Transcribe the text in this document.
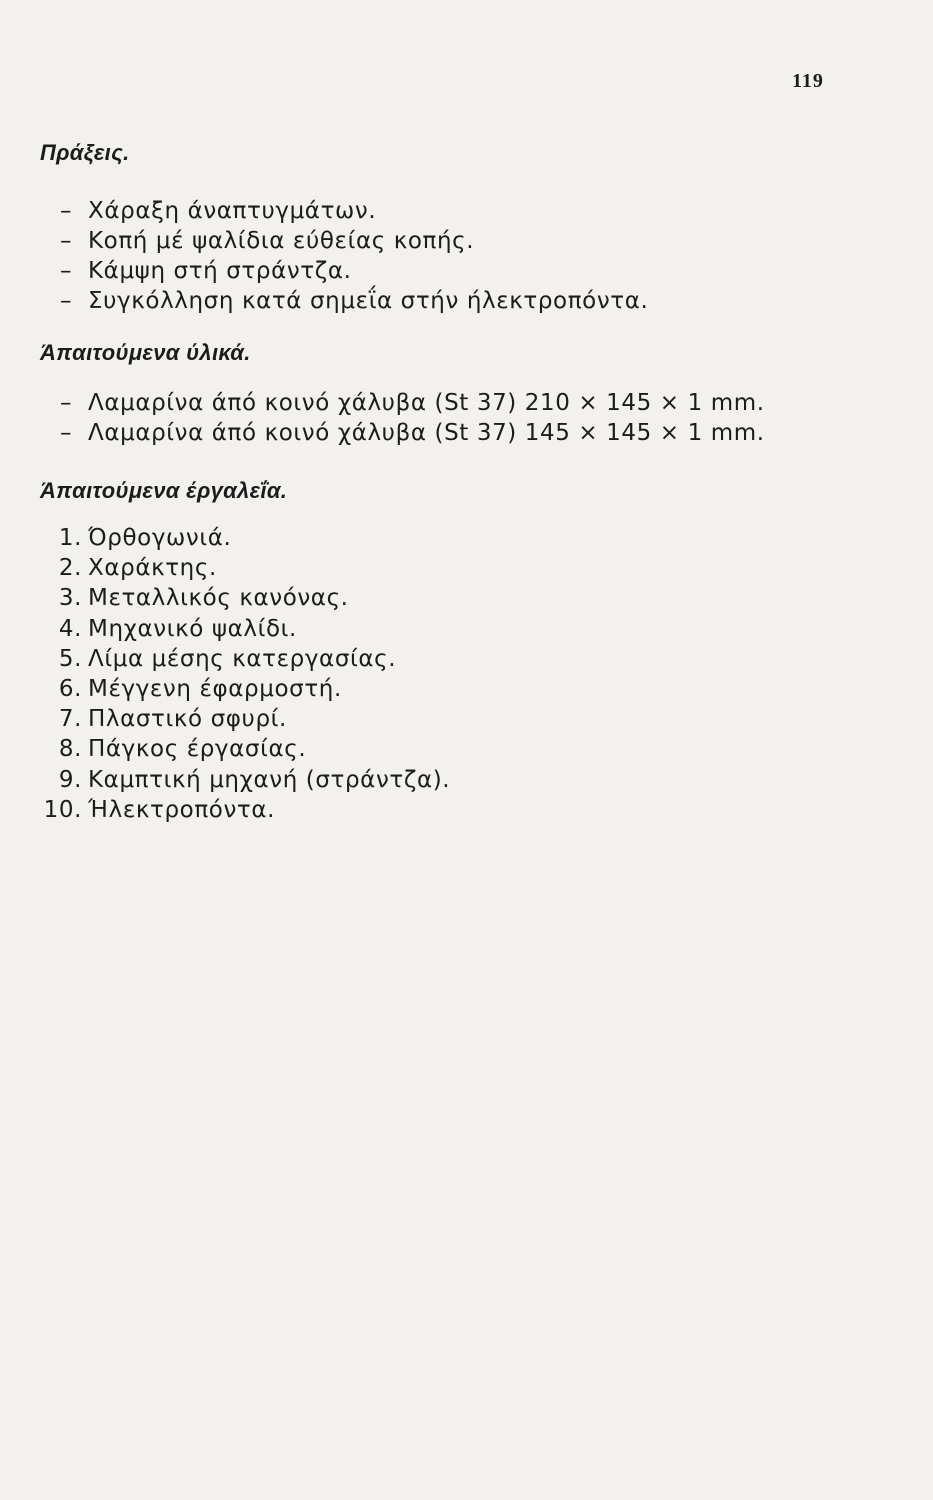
119
Πράξεις.
– Χάραξη άναπτυγμάτων.
– Κοπή μέ ψαλίδια εύθείας κοπής.
– Κάμψη στή στράντζα.
– Συγκόλληση κατά σημεΐα στήν ήλεκτροπόντα.
Άπαιτούμενα ύλικά.
– Λαμαρίνα άπό κοινό χάλυβα (St 37) 210 × 145 × 1 mm.
– Λαμαρίνα άπό κοινό χάλυβα (St 37) 145 × 145 × 1 mm.
Άπαιτούμενα έργαλεΐα.
1. Όρθογωνιά.
2. Χαράκτης.
3. Μεταλλικός κανόνας.
4. Μηχανικό ψαλίδι.
5. Λίμα μέσης κατεργασίας.
6. Μέγγενη έφαρμοστή.
7. Πλαστικό σφυρί.
8. Πάγκος έργασίας.
9. Καμπτική μηχανή (στράντζα).
10. Ήλεκτροπόντα.
